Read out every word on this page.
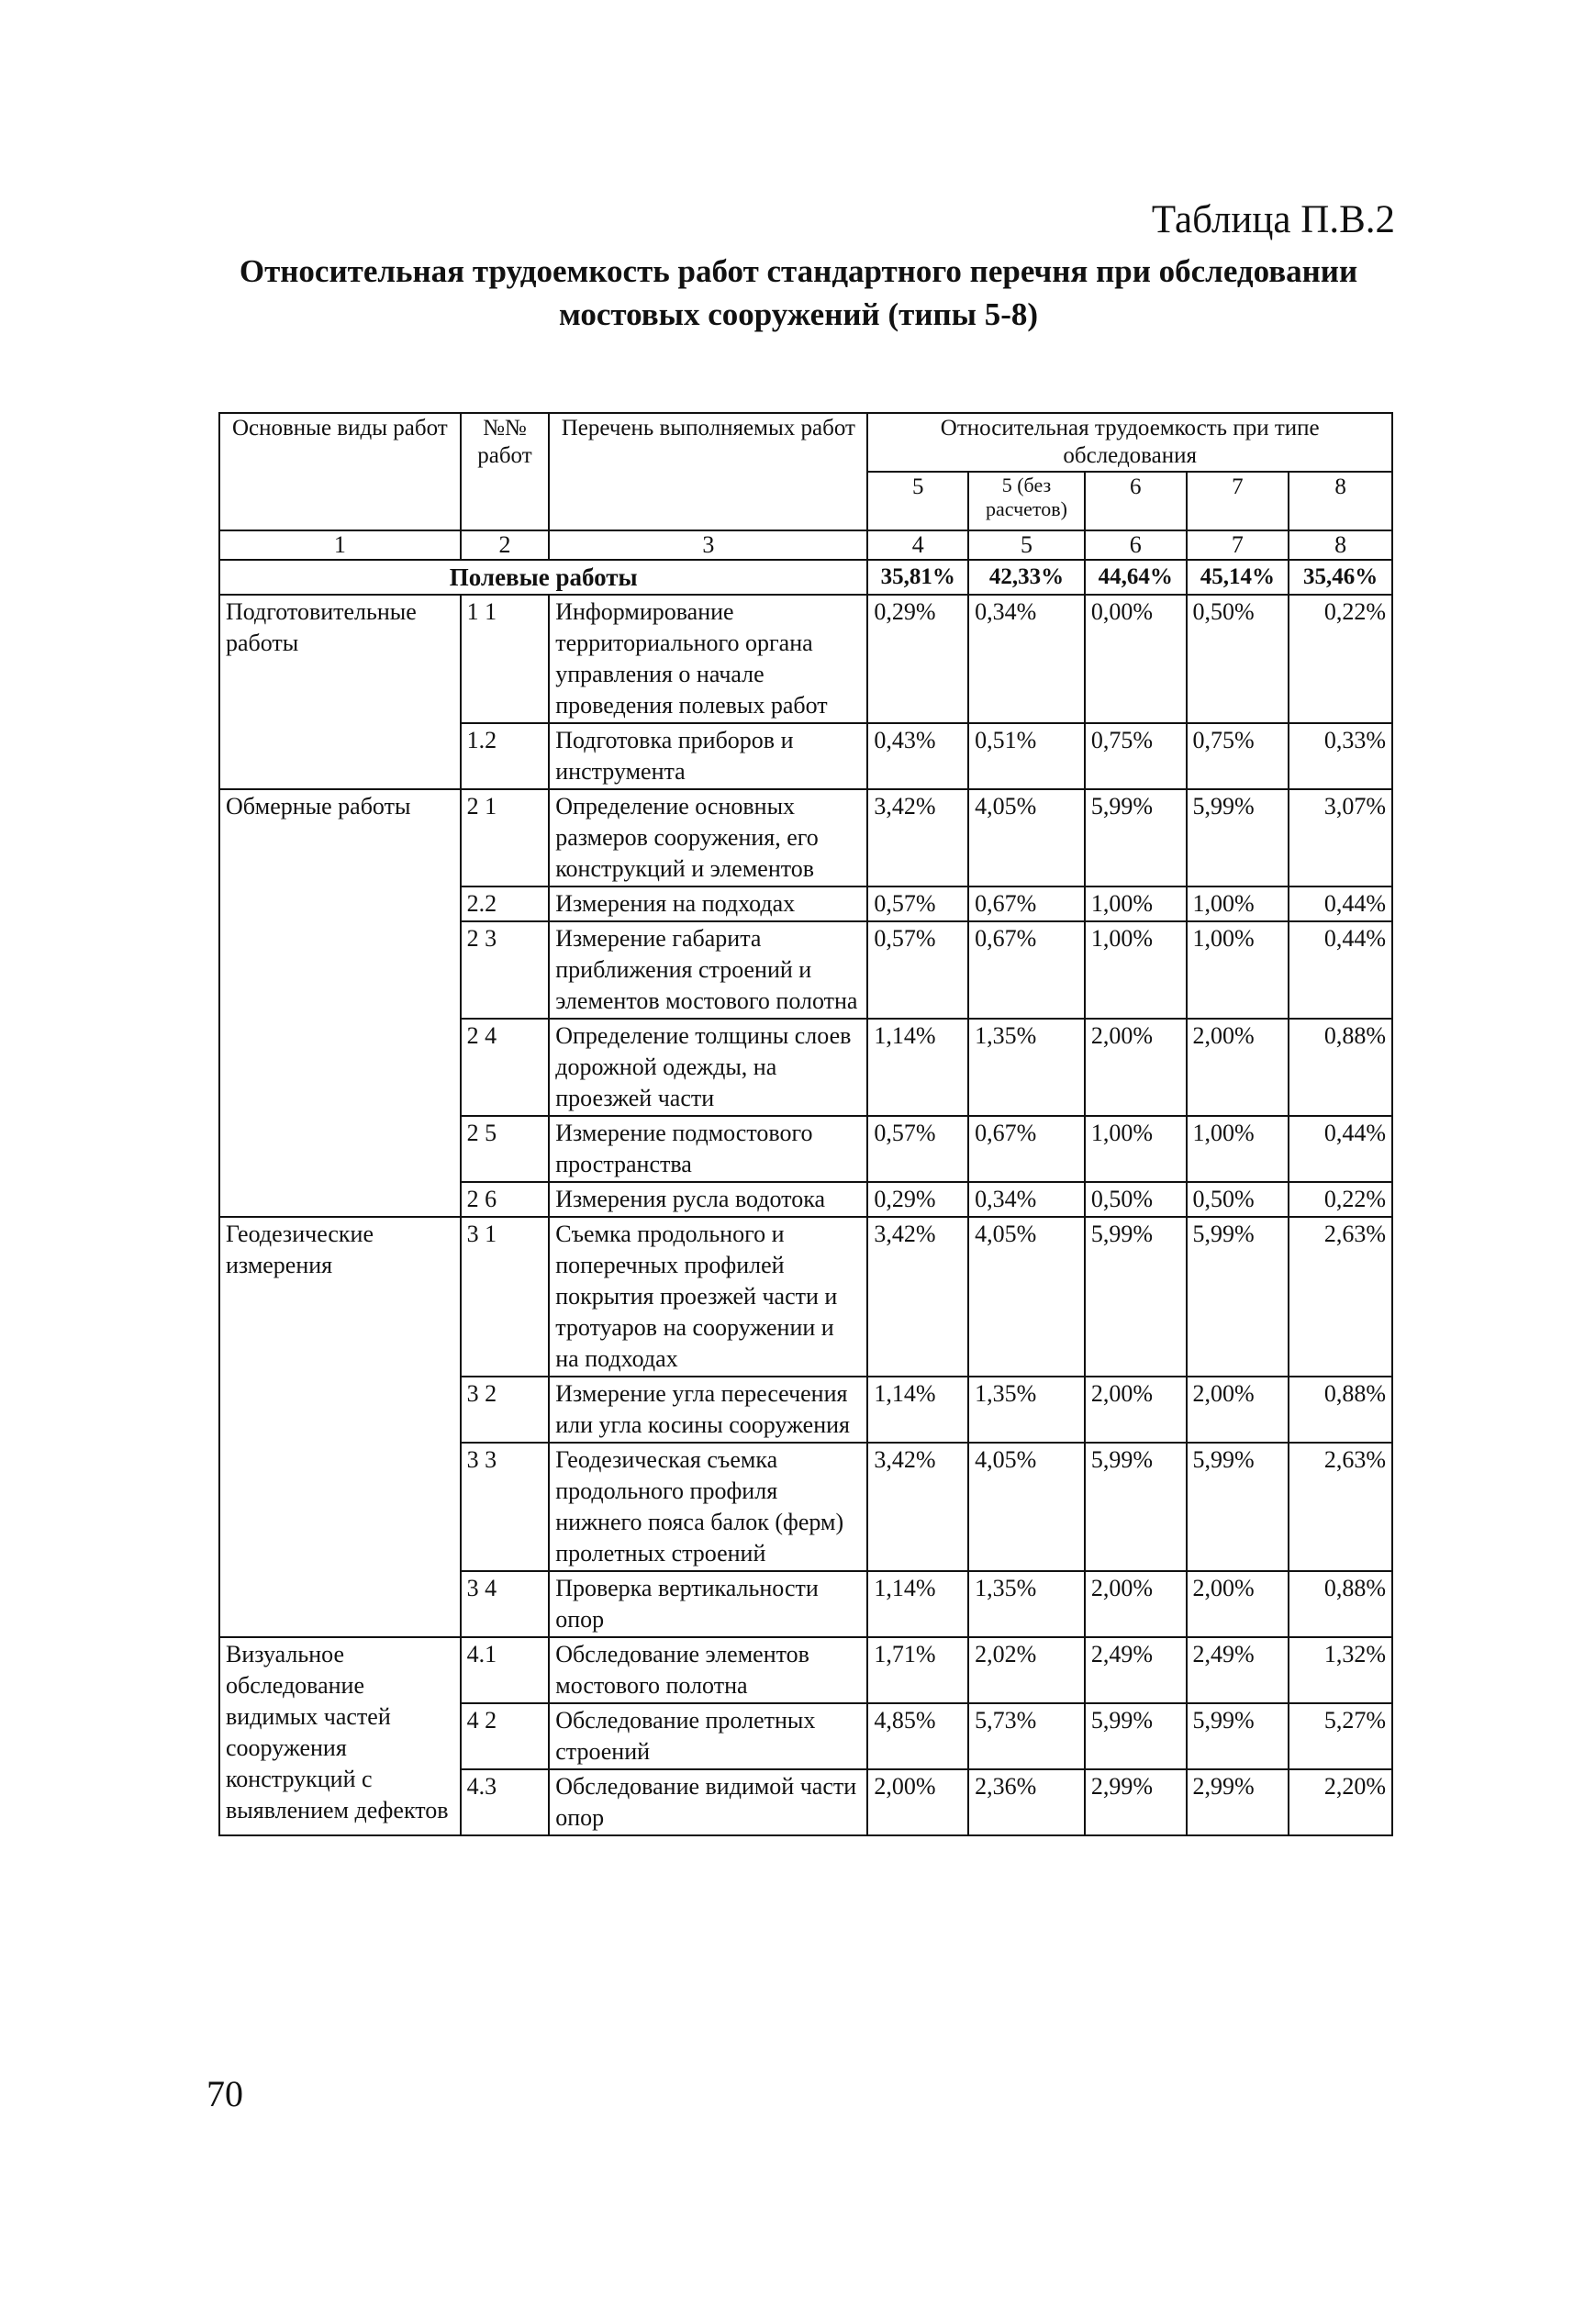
Таблица П.В.2
Относительная трудоемкость работ стандартного перечня при обследовании
мостовых сооружений (типы 5-8)
Основные виды работ	№№ работ	Перечень выполняемых работ	Относительная трудоемкость при типе обследования				
			5	5 (без расчетов)	6	7	8
1	2	3	4	5	6	7	8
Полевые работы			35,81%	42,33%	44,64%	45,14%	35,46%
Подготовительные работы	1 1	Информирование территориального органа управления о начале проведения полевых работ	0,29%	0,34%	0,00%	0,50%	0,22%
	1.2	Подготовка приборов и инструмента	0,43%	0,51%	0,75%	0,75%	0,33%
Обмерные работы	2 1	Определение основных размеров сооружения, его конструкций и элементов	3,42%	4,05%	5,99%	5,99%	3,07%
	2.2	Измерения на подходах	0,57%	0,67%	1,00%	1,00%	0,44%
	2 3	Измерение габарита приближения строений и элементов мостового полотна	0,57%	0,67%	1,00%	1,00%	0,44%
	2 4	Определение толщины слоев дорожной одежды, на проезжей части	1,14%	1,35%	2,00%	2,00%	0,88%
	2 5	Измерение подмостового пространства	0,57%	0,67%	1,00%	1,00%	0,44%
	2 6	Измерения русла водотока	0,29%	0,34%	0,50%	0,50%	0,22%
Геодезические измерения	3 1	Съемка продольного и поперечных профилей покрытия проезжей части и тротуаров на сооружении и на подходах	3,42%	4,05%	5,99%	5,99%	2,63%
	3 2	Измерение угла пересечения или угла косины сооружения	1,14%	1,35%	2,00%	2,00%	0,88%
	3 3	Геодезическая съемка продольного профиля нижнего пояса балок (ферм) пролетных строений	3,42%	4,05%	5,99%	5,99%	2,63%
	3 4	Проверка вертикальности опор	1,14%	1,35%	2,00%	2,00%	0,88%
Визуальное обследование видимых частей сооружения конструкций с выявлением дефектов	4.1	Обследование элементов мостового полотна	1,71%	2,02%	2,49%	2,49%	1,32%
	4 2	Обследование пролетных строений	4,85%	5,73%	5,99%	5,99%	5,27%
	4.3	Обследование видимой части опор	2,00%	2,36%	2,99%	2,99%	2,20%
70
